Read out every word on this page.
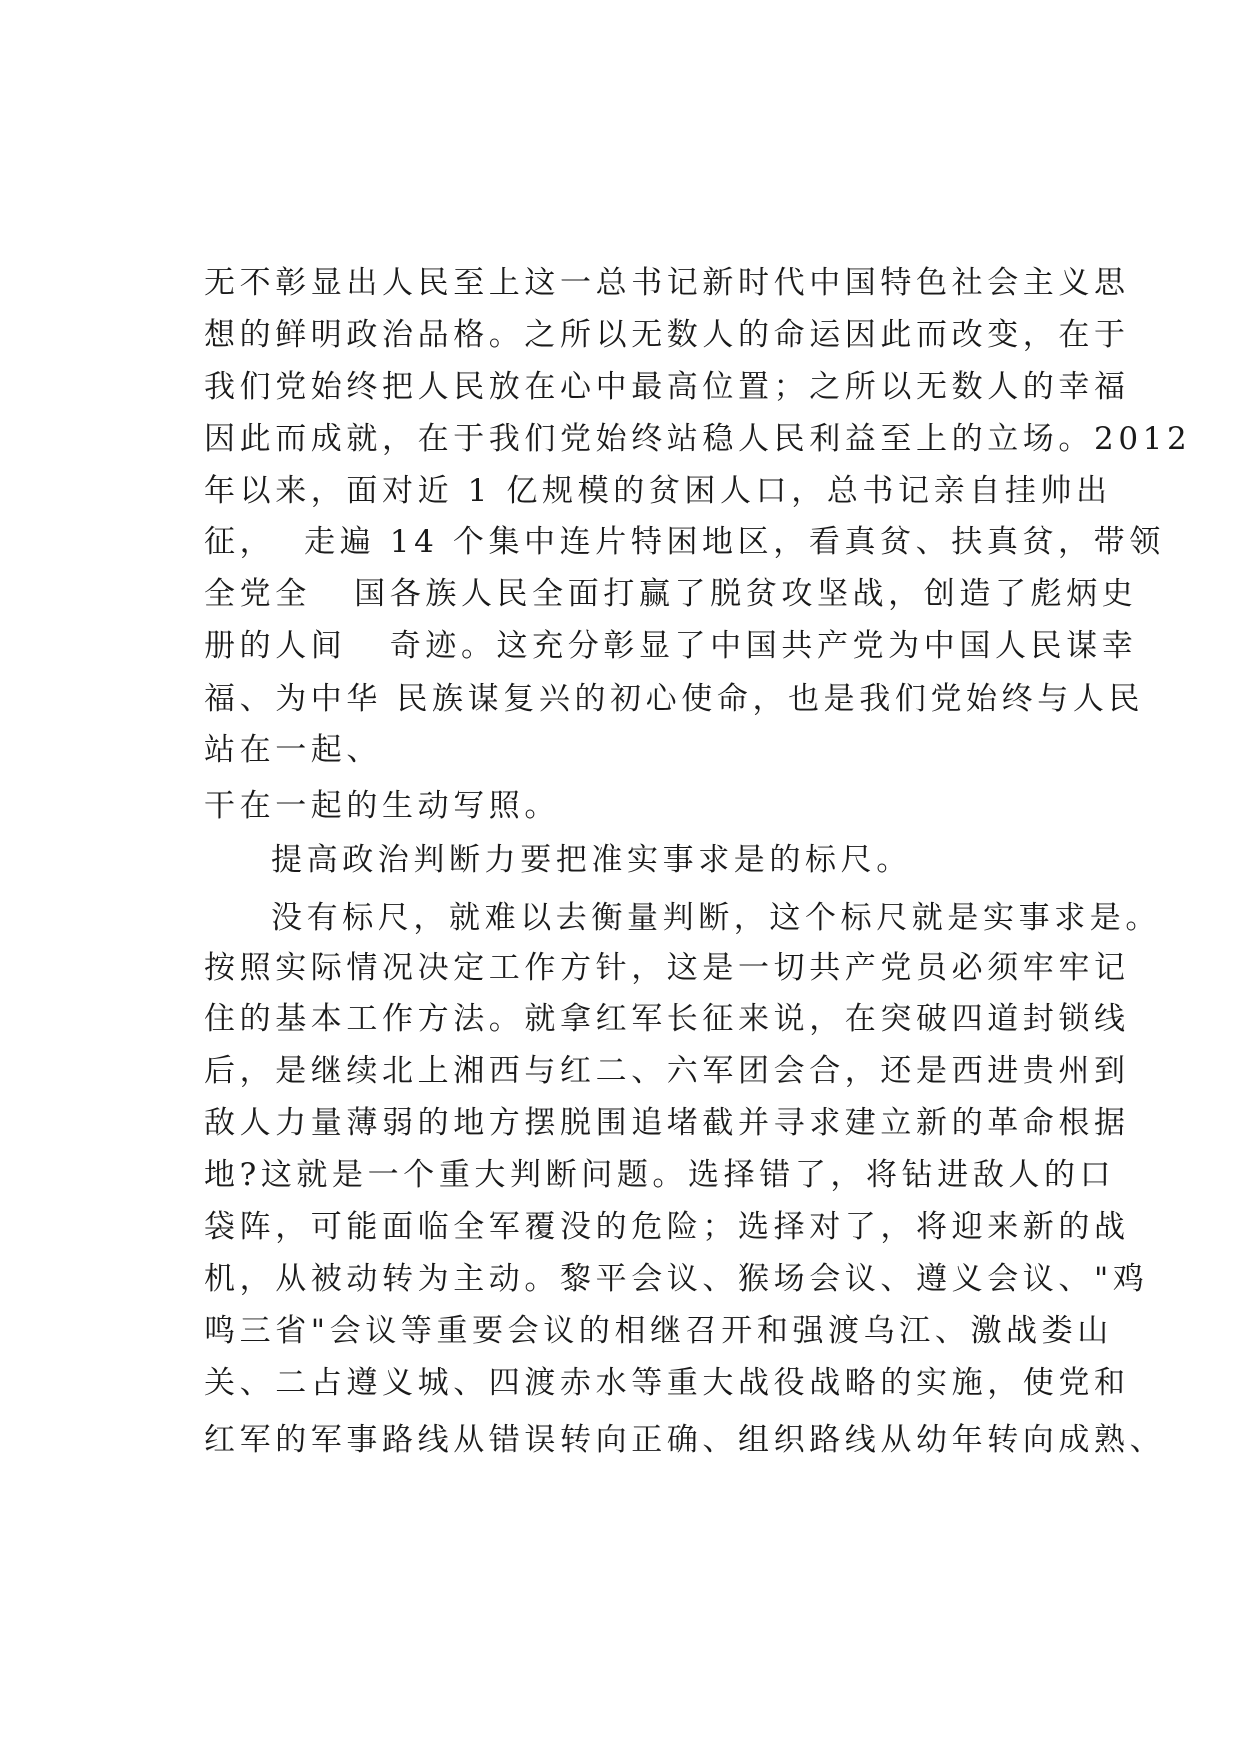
无不彰显出人民至上这一总书记新时代中国特色社会主义思
想的鲜明政治品格。之所以无数人的命运因此而改变，在于
我们党始终把人民放在心中最高位置；之所以无数人的幸福
因此而成就，在于我们党始终站稳人民利益至上的立场。2012
年以来，面对近 1 亿规模的贫困人口，总书记亲自挂帅出
征，  走遍 14 个集中连片特困地区，看真贫、扶真贫，带领
全党全   国各族人民全面打赢了脱贫攻坚战，创造了彪炳史
册的人间   奇迹。这充分彰显了中国共产党为中国人民谋幸
福、为中华 民族谋复兴的初心使命，也是我们党始终与人民
站在一起、
干在一起的生动写照。
提高政治判断力要把准实事求是的标尺。
没有标尺，就难以去衡量判断，这个标尺就是实事求是。
按照实际情况决定工作方针，这是一切共产党员必须牢牢记
住的基本工作方法。就拿红军长征来说，在突破四道封锁线
后，是继续北上湘西与红二、六军团会合，还是西进贵州到
敌人力量薄弱的地方摆脱围追堵截并寻求建立新的革命根据
地?这就是一个重大判断问题。选择错了，将钻进敌人的口
袋阵，可能面临全军覆没的危险；选择对了，将迎来新的战
机，从被动转为主动。黎平会议、猴场会议、遵义会议、"鸡
鸣三省"会议等重要会议的相继召开和强渡乌江、激战娄山
关、二占遵义城、四渡赤水等重大战役战略的实施，使党和
红军的军事路线从错误转向正确、组织路线从幼年转向成熟、
